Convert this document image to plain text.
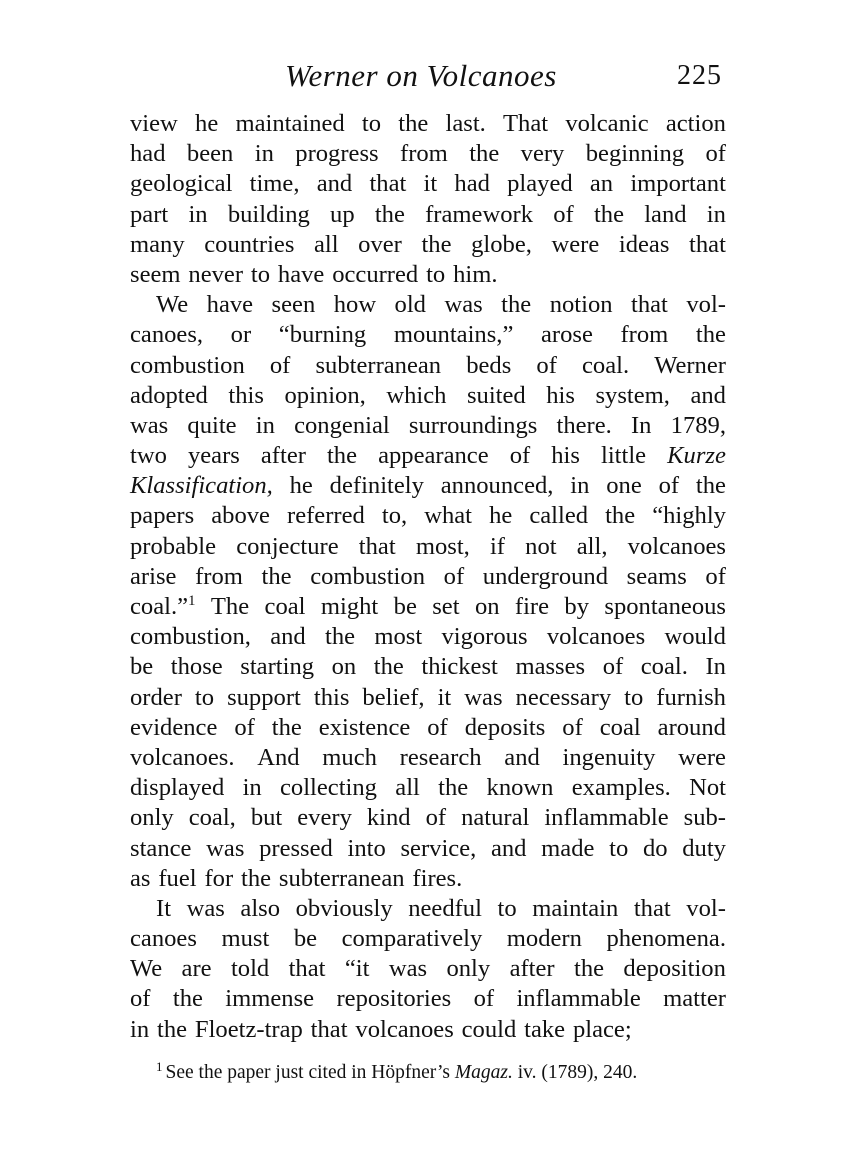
Werner on Volcanoes	225
view he maintained to the last. That volcanic action
had been in progress from the very beginning of
geological time, and that it had played an important
part in building up the framework of the land in
many countries all over the globe, were ideas that
seem never to have occurred to him.
We have seen how old was the notion that vol-
canoes, or “burning mountains,” arose from the
combustion of subterranean beds of coal. Werner
adopted this opinion, which suited his system, and
was quite in congenial surroundings there. In 1789,
two years after the appearance of his little Kurze
Klassification, he definitely announced, in one of the
papers above referred to, what he called the “highly
probable conjecture that most, if not all, volcanoes
arise from the combustion of underground seams of
coal.”$^1$ The coal might be set on fire by spontaneous
combustion, and the most vigorous volcanoes would
be those starting on the thickest masses of coal. In
order to support this belief, it was necessary to furnish
evidence of the existence of deposits of coal around
volcanoes. And much research and ingenuity were
displayed in collecting all the known examples. Not
only coal, but every kind of natural inflammable sub-
stance was pressed into service, and made to do duty
as fuel for the subterranean fires.
It was also obviously needful to maintain that vol-
canoes must be comparatively modern phenomena.
We are told that “it was only after the deposition
of the immense repositories of inflammable matter
in the Floetz-trap that volcanoes could take place;
$^1$ See the paper just cited in Höpfner’s Magaz. iv. (1789), 240.
